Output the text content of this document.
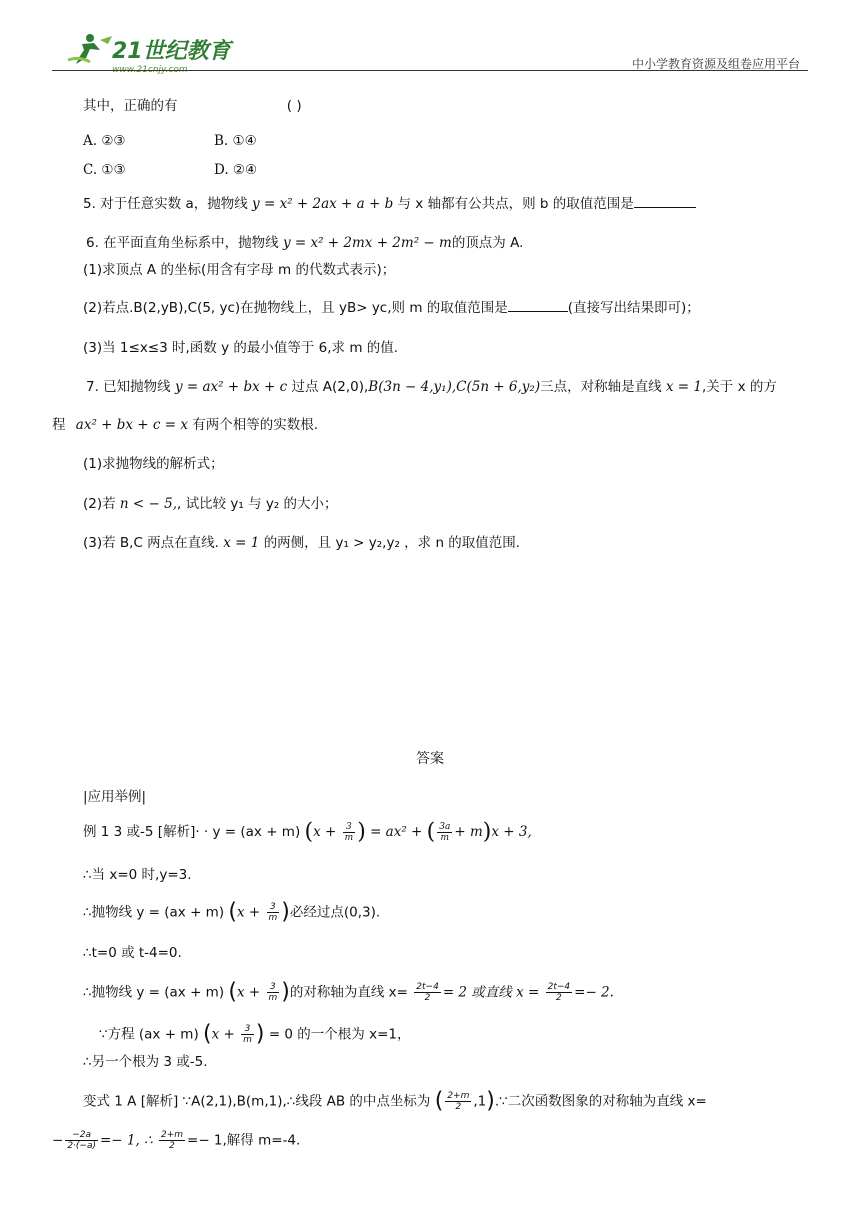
21世纪教育
www.21cnjy.com	中小学教育资源及组卷应用平台
其中，正确的有	( )
A. ②③	B. ①④
C. ①③	D. ②④
5. 对于任意实数 a，抛物线 y = x² + 2ax + a + b 与 x 轴都有公共点，则 b 的取值范围是
6. 在平面直角坐标系中，抛物线 y = x² + 2mx + 2m² − m的顶点为 A.
(1)求顶点 A 的坐标(用含有字母 m 的代数式表示)；
(2)若点.B(2,yB),C(5, yc)在抛物线上，且 yB> yc,则 m 的取值范围是	(直接写出结果即可)；
(3)当 1≤x≤3 时,函数 y 的最小值等于 6,求 m 的值.
7. 已知抛物线 y = ax² + bx + c 过点 A(2,0),B(3n − 4,y₁),C(5n + 6,y₂)三点，对称轴是直线 x = 1,关于 x 的方
程 ax² + bx + c = x 有两个相等的实数根.
(1)求抛物线的解析式；
(2)若 n < − 5,, 试比较 y₁ 与 y₂ 的大小；
(3)若 B,C 两点在直线. x = 1 的两侧，且 y₁ > y₂,y₂ ，求 n 的取值范围.
答案
|应用举例|
例 1 3 或-5 [解析]· · y = (ax + m) ($x + \frac{3}{m}$ ) = ax² + ( $\frac{3a}{m} + m)x + 3$,
∴当 x=0 时,y=3.
∴抛物线 y = (ax + m) ($x + \frac{3}{m}$ )必经过点(0,3).
∴t=0 或 t-4=0.
∴抛物线 y = (ax + m) ($x + \frac{3}{m}$ )的对称轴为直线 $x= \frac{2t-4}{2} = 2$ 或直线 $x = \frac{2t-4}{2} =- 2$.
∵方程 (ax + m) ($x + \frac{3}{m}$ ) = 0 的一个根为 x=1，
∴另一个根为 3 或-5.
变式 1 A [解析] ∵A(2,1),B(m,1),∴线段 AB 的中点坐标为 ( $\frac{2+m}{2}$ ,1).∵二次函数图象的对称轴为直线 x=
− $\frac{-2a}{2\cdot(-a)} =- 1$, ∴ $\frac{2+m}{2} =- 1$,解得 m=-4.
